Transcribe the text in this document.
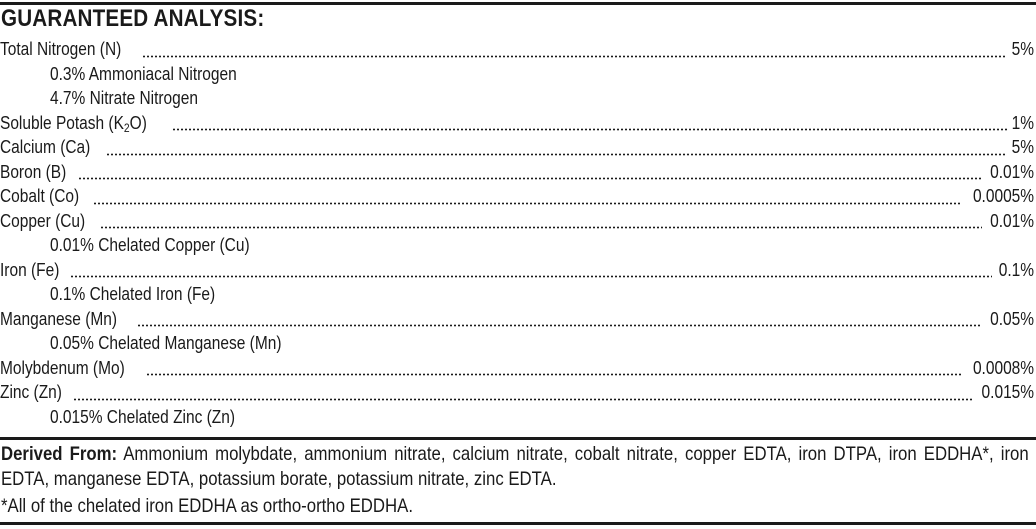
GUARANTEED ANALYSIS:
Total Nitrogen (N)	5%
0.3% Ammoniacal Nitrogen
4.7% Nitrate Nitrogen
Soluble Potash $(K_2O)$	1%
Calcium (Ca)	5%
Boron (B)	0.01%
Cobalt (Co)	0.0005%
Copper (Cu)	0.01%
0.01% Chelated Copper (Cu)
Iron (Fe)	0.1%
0.1% Chelated Iron (Fe)
Manganese (Mn)	0.05%
0.05% Chelated Manganese (Mn)
Molybdenum (Mo)	0.0008%
Zinc (Zn)	0.015%
0.015% Chelated Zinc (Zn)
Derived From: Ammonium molybdate, ammonium nitrate, calcium nitrate, cobalt nitrate, copper EDTA, iron DTPA, iron EDDHA*, iron EDTA, manganese EDTA, potassium borate, potassium nitrate, zinc EDTA.
*All of the chelated iron EDDHA as ortho-ortho EDDHA.
